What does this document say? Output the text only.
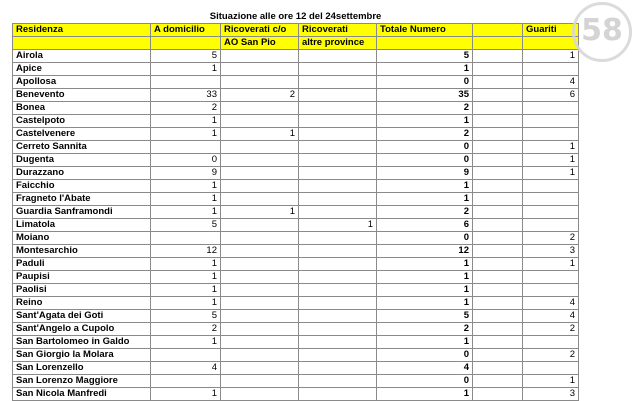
Situazione alle ore 12 del 24settembre						
Residenza	A domicilio	Ricoverati c/o	Ricoverati	Totale Numero		Guariti
		AO San Pio	altre province			
Airola	5			5		1
Apice	1			1		
Apollosa				0		4
Benevento	33	2		35		6
Bonea	2			2		
Castelpoto	1			1		
Castelvenere	1	1		2		
Cerreto Sannita				0		1
Dugenta	0			0		1
Durazzano	9			9		1
Faicchio	1			1		
Fragneto l'Abate	1			1		
Guardia Sanframondi	1	1		2		
Limatola	5		1	6		
Moiano				0		2
Montesarchio	12			12		3
Paduli	1			1		1
Paupisi	1			1		
Paolisi	1			1		
Reino	1			1		4
Sant'Agata dei Goti	5			5		4
Sant'Angelo a Cupolo	2			2		2
San Bartolomeo in Galdo	1			1		
San Giorgio la Molara				0		2
San Lorenzello	4			4		
San Lorenzo Maggiore				0		1
San Nicola Manfredi	1			1		3
58
